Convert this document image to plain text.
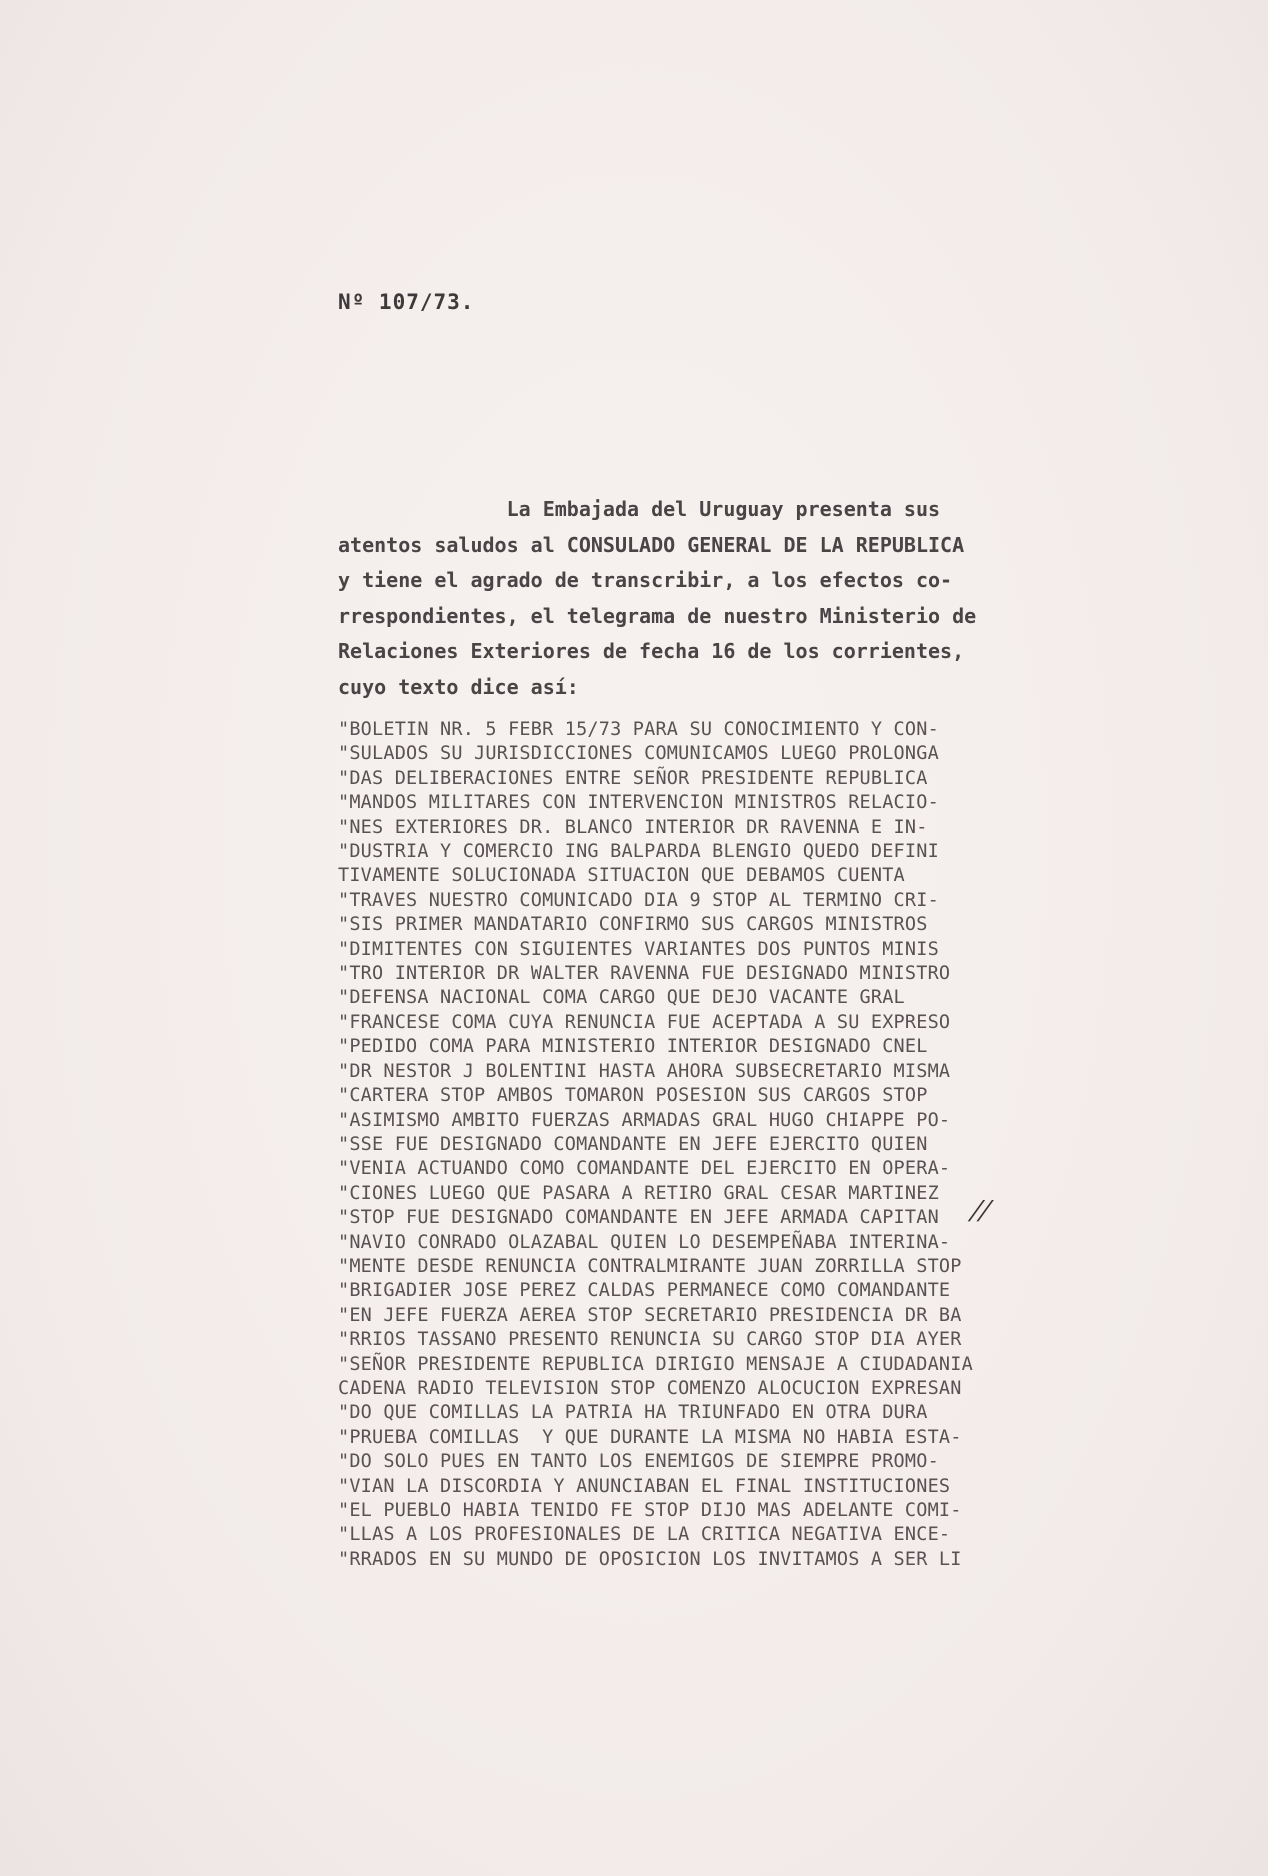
Nº 107/73.
La Embajada del Uruguay presenta sus
atentos saludos al CONSULADO GENERAL DE LA REPUBLICA
y tiene el agrado de transcribir, a los efectos co-
rrespondientes, el telegrama de nuestro Ministerio de
Relaciones Exteriores de fecha 16 de los corrientes,
cuyo texto dice así:
"BOLETIN NR. 5 FEBR 15/73 PARA SU CONOCIMIENTO Y CON-
"SULADOS SU JURISDICCIONES COMUNICAMOS LUEGO PROLONGA
"DAS DELIBERACIONES ENTRE SEÑOR PRESIDENTE REPUBLICA
"MANDOS MILITARES CON INTERVENCION MINISTROS RELACIO-
"NES EXTERIORES DR. BLANCO INTERIOR DR RAVENNA E IN-
"DUSTRIA Y COMERCIO ING BALPARDA BLENGIO QUEDO DEFINI
TIVAMENTE SOLUCIONADA SITUACION QUE DEBAMOS CUENTA
"TRAVES NUESTRO COMUNICADO DIA 9 STOP AL TERMINO CRI-
"SIS PRIMER MANDATARIO CONFIRMO SUS CARGOS MINISTROS
"DIMITENTES CON SIGUIENTES VARIANTES DOS PUNTOS MINIS
"TRO INTERIOR DR WALTER RAVENNA FUE DESIGNADO MINISTRO
"DEFENSA NACIONAL COMA CARGO QUE DEJO VACANTE GRAL
"FRANCESE COMA CUYA RENUNCIA FUE ACEPTADA A SU EXPRESO
"PEDIDO COMA PARA MINISTERIO INTERIOR DESIGNADO CNEL
"DR NESTOR J BOLENTINI HASTA AHORA SUBSECRETARIO MISMA
"CARTERA STOP AMBOS TOMARON POSESION SUS CARGOS STOP
"ASIMISMO AMBITO FUERZAS ARMADAS GRAL HUGO CHIAPPE PO-
"SSE FUE DESIGNADO COMANDANTE EN JEFE EJERCITO QUIEN
"VENIA ACTUANDO COMO COMANDANTE DEL EJERCITO EN OPERA-
"CIONES LUEGO QUE PASARA A RETIRO GRAL CESAR MARTINEZ
"STOP FUE DESIGNADO COMANDANTE EN JEFE ARMADA CAPITAN
"NAVIO CONRADO OLAZABAL QUIEN LO DESEMPEÑABA INTERINA-
"MENTE DESDE RENUNCIA CONTRALMIRANTE JUAN ZORRILLA STOP
"BRIGADIER JOSE PEREZ CALDAS PERMANECE COMO COMANDANTE
"EN JEFE FUERZA AEREA STOP SECRETARIO PRESIDENCIA DR BA
"RRIOS TASSANO PRESENTO RENUNCIA SU CARGO STOP DIA AYER
"SEÑOR PRESIDENTE REPUBLICA DIRIGIO MENSAJE A CIUDADANIA
CADENA RADIO TELEVISION STOP COMENZO ALOCUCION EXPRESAN
"DO QUE COMILLAS LA PATRIA HA TRIUNFADO EN OTRA DURA
"PRUEBA COMILLAS  Y QUE DURANTE LA MISMA NO HABIA ESTA-
"DO SOLO PUES EN TANTO LOS ENEMIGOS DE SIEMPRE PROMO-
"VIAN LA DISCORDIA Y ANUNCIABAN EL FINAL INSTITUCIONES
"EL PUEBLO HABIA TENIDO FE STOP DIJO MAS ADELANTE COMI-
"LLAS A LOS PROFESIONALES DE LA CRITICA NEGATIVA ENCE-
"RRADOS EN SU MUNDO DE OPOSICION LOS INVITAMOS A SER LI
//
